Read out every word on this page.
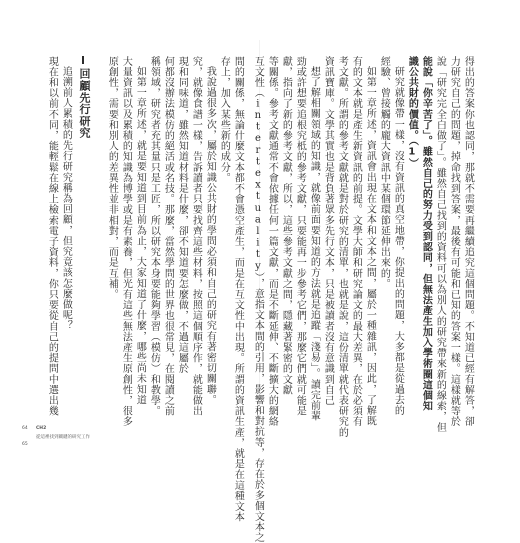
得出的答案你也認同，那就不需要再繼續追究這個問題。不知道已經有解答，卻
力研究自己的問題，掉命找到答案，最後有可能和已知的答案一樣。這樣就等於
說「研究完全白做了」。雖然自己找到的資料可以為別人的研究帶來新的線索，但
能說「你辛苦了」。雖然自己的努力受到認同，但無法產生加入學術圈這個知
識公共財的價值。（1）
研究就像帶一樣，沒有資訊的真空地帶，你提出的問題，大多都是從過去的
經驗、曾接觸的龐大資訊中某個環節延伸出來的。
如第一章所述，資訊會出現在文本和文本之間，屬於一種雜訊，因此，了解既
有的文本就是產生新資訊的前提。文學大師和研究論文的最大差異，在於必須有
考文獻。所謂的參考文獻就是對於研究的清單，也就是說，這份清單就代表研究的
資訊寶庫。文學其實也是背負著眾多先行文本，只是被讀者沒有意識到自己
想了解相關領域的知識，就像前面要知道的方法就是追蹤「淺易」。讀完前輩
勁或許想要追根究柢的參考文獻，只要能再一步參考它們，那麼它們就可能是
獻，指向了新的參考文獻，所以，這些參考文獻之間，隱藏著緊密的文獻
等關係。參考文獻通常不會依據任何一篇文獻，而是不斷延伸、不斷擴大的網絡
互文性（intertextuality），意指文本間的引用，影響和對抗等，存在於多個文本之
間的關係，無論什麼文本都不會憑空產生，而是在互文性中出現。所謂的資訊生產，就是在這種文本
存上，加入某些新的成分。
我說過很多次，屬於知識公共財的學問必須和自己的研究有著密切關聯。
究，就像食譜一樣，告訴讀者只要找齊這些材料，按照這個順序作，就能做出
現和同味道，雖然知道材料是什麼，卻不知道要怎麼做，不過這屬於
何都沒辦法模仿的絕活或名技。那麼，當然學問的世界也很常見，在閱讀之前
稱領域，研究者充其量只是工匠，所以研究本身要能夠學習（模仿）和教學。
如第一章所述，就是要知道到目前為止，大家知道了什麼，哪些尚未知道
大量資訊以及累積的知識為博學或是有素養，但光有這些無法產生原創性，很多
原創性，需要和別人的差異性並非相對，而是互補。
回顧先行研究
追溯前人累積的先行研究稱為回顧，但究竟該怎麼做呢？
現在和以前不同，能輕鬆在線上檢索電子資料，你只要從自己的提問中選出幾
64 CH2
從這裡找到關鍵的研究工作
65
